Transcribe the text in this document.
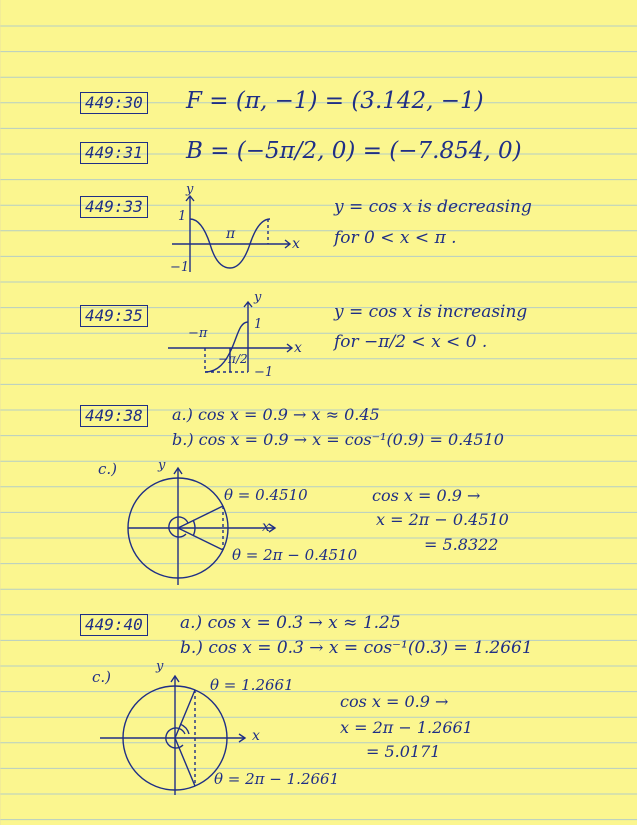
449:30 F = (π, −1) = (3.142, −1)
449:31 B = (−5π/2, 0) = (−7.854, 0)
449:33
y
1
−1
π
x
y = cos x is decreasing
for 0 < x < π .
449:35
y
1
−1
−π
−π/2
x
y = cos x is increasing
for −π/2 < x < 0 .
449:38	a.) cos x = 0.9 → x ≈ 0.45
b.) cos x = 0.9 → x = cos⁻¹(0.9) = 0.4510
c.)	y
x
θ = 0.4510
θ = 2π − 0.4510
cos x = 0.9 →
x = 2π − 0.4510
= 5.8322
449:40 a.) cos x = 0.3 → x ≈ 1.25
b.) cos x = 0.3 → x = cos⁻¹(0.3) = 1.2661
c.)
y
x
θ = 1.2661
θ = 2π − 1.2661
cos x = 0.9 →
x = 2π − 1.2661
= 5.0171
